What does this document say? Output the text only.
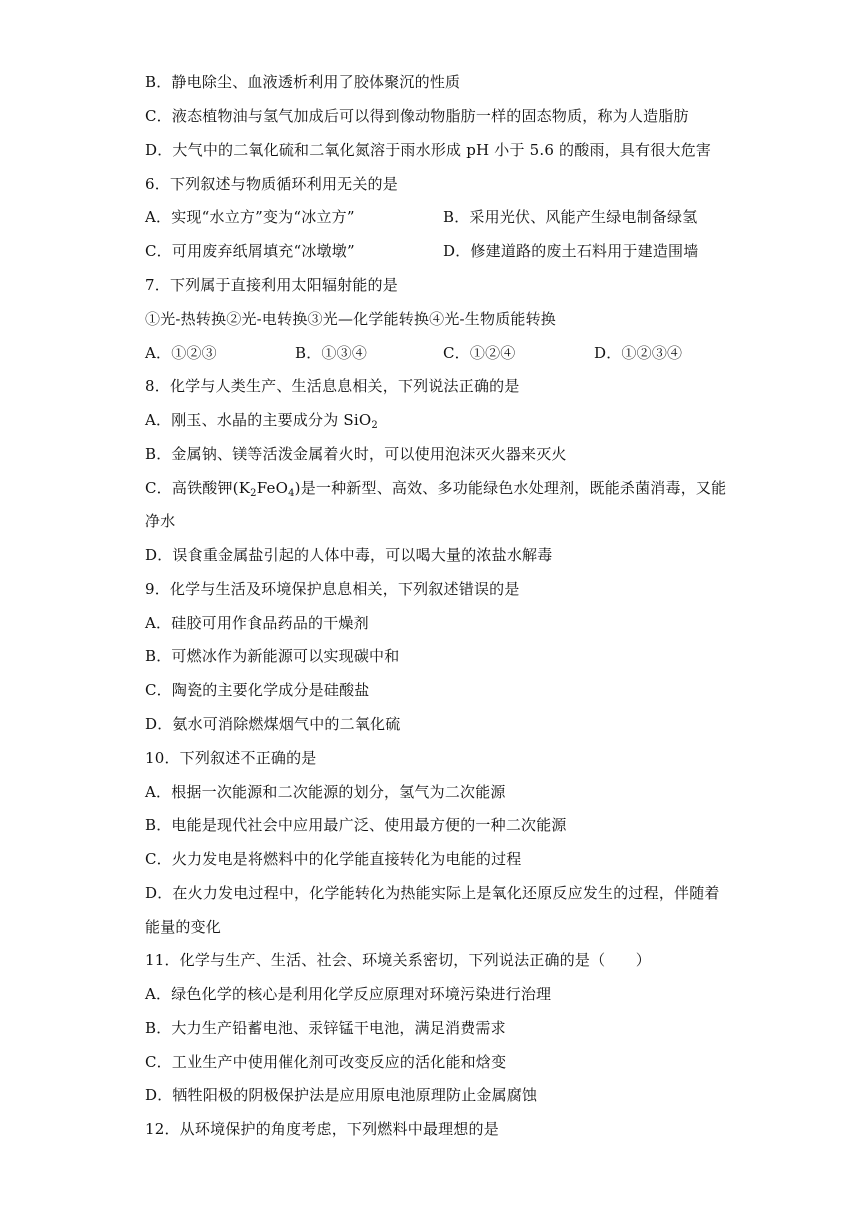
B．静电除尘、血液透析利用了胶体聚沉的性质
C．液态植物油与氢气加成后可以得到像动物脂肪一样的固态物质，称为人造脂肪
D．大气中的二氧化硫和二氧化氮溶于雨水形成 pH 小于 5.6 的酸雨，具有很大危害
6．下列叙述与物质循环利用无关的是
A．实现“水立方”变为“冰立方”	B．采用光伏、风能产生绿电制备绿氢
C．可用废弃纸屑填充“冰墩墩”	D．修建道路的废土石料用于建造围墙
7．下列属于直接利用太阳辐射能的是
①光-热转换②光-电转换③光—化学能转换④光-生物质能转换
A．①②③	B．①③④	C．①②④	D．①②③④
8．化学与人类生产、生活息息相关，下列说法正确的是
A．刚玉、水晶的主要成分为 SiO$_2$
B．金属钠、镁等活泼金属着火时，可以使用泡沫灭火器来灭火
C．高铁酸钾$(K_2FeO_4)$是一种新型、高效、多功能绿色水处理剂，既能杀菌消毒，又能
净水
D．误食重金属盐引起的人体中毒，可以喝大量的浓盐水解毒
9．化学与生活及环境保护息息相关，下列叙述错误的是
A．硅胶可用作食品药品的干燥剂
B．可燃冰作为新能源可以实现碳中和
C．陶瓷的主要化学成分是硅酸盐
D．氨水可消除燃煤烟气中的二氧化硫
10．下列叙述不正确的是
A．根据一次能源和二次能源的划分，氢气为二次能源
B．电能是现代社会中应用最广泛、使用最方便的一种二次能源
C．火力发电是将燃料中的化学能直接转化为电能的过程
D．在火力发电过程中，化学能转化为热能实际上是氧化还原反应发生的过程，伴随着
能量的变化
11．化学与生产、生活、社会、环境关系密切，下列说法正确的是（　　）
A．绿色化学的核心是利用化学反应原理对环境污染进行治理
B．大力生产铅蓄电池、汞锌锰干电池，满足消费需求
C．工业生产中使用催化剂可改变反应的活化能和焓变
D．牺牲阳极的阴极保护法是应用原电池原理防止金属腐蚀
12．从环境保护的角度考虑，下列燃料中最理想的是
